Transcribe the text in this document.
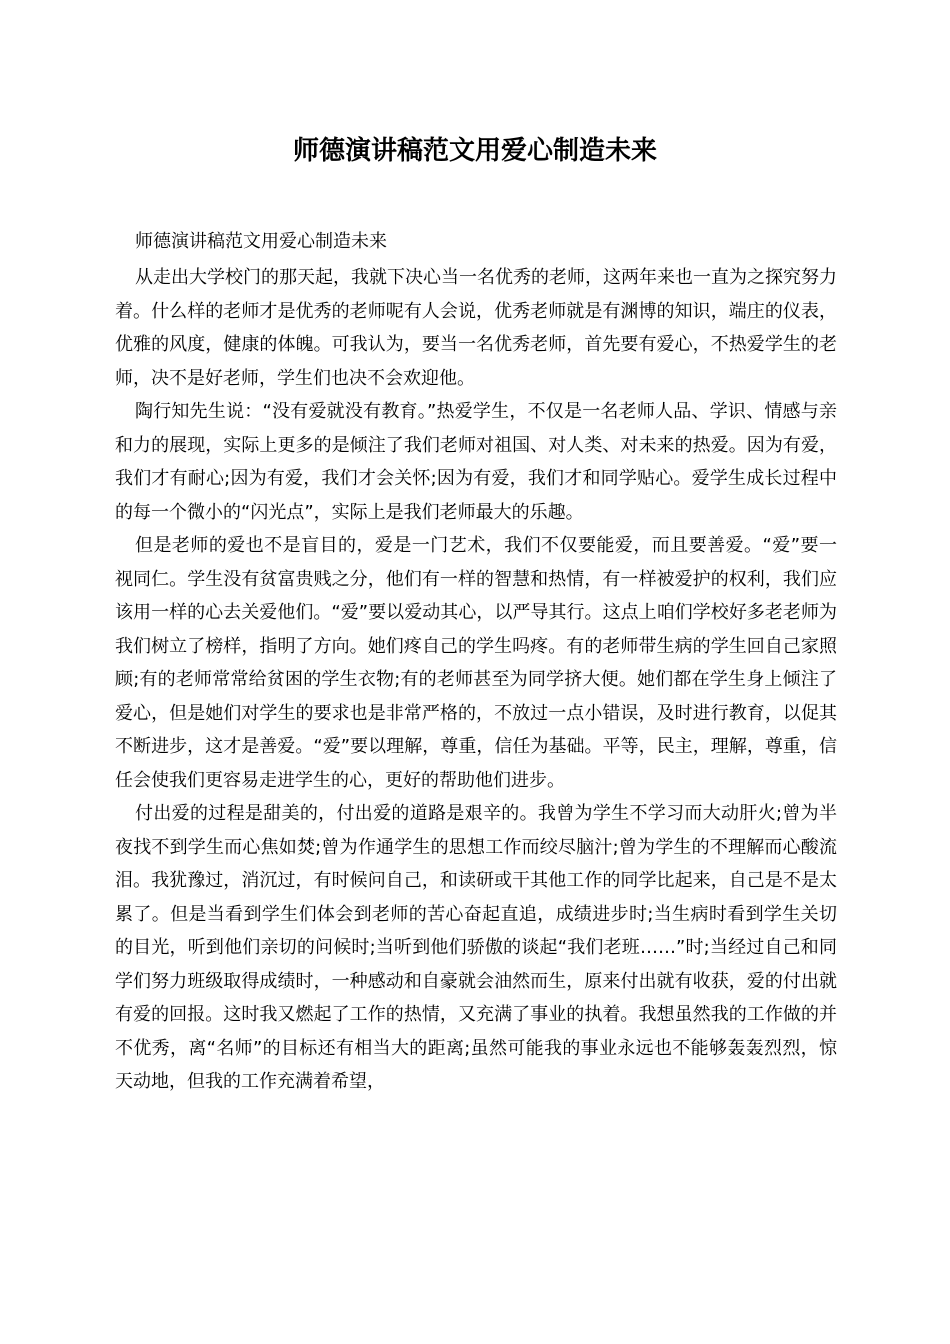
师德演讲稿范文用爱心制造未来
师德演讲稿范文用爱心制造未来

从走出大学校门的那天起，我就下决心当一名优秀的老师，这两年来也一直为之探究努力着。什么样的老师才是优秀的老师呢有人会说，优秀老师就是有渊博的知识，端庄的仪表，优雅的风度，健康的体魄。可我认为，要当一名优秀老师，首先要有爱心，不热爱学生的老师，决不是好老师，学生们也决不会欢迎他。

陶行知先生说：“没有爱就没有教育。”热爱学生，不仅是一名老师人品、学识、情感与亲和力的展现，实际上更多的是倾注了我们老师对祖国、对人类、对未来的热爱。因为有爱，我们才有耐心;因为有爱，我们才会关怀;因为有爱，我们才和同学贴心。爱学生成长过程中的每一个微小的“闪光点”，实际上是我们老师最大的乐趣。

但是老师的爱也不是盲目的，爱是一门艺术，我们不仅要能爱，而且要善爱。“爱”要一视同仁。学生没有贫富贵贱之分，他们有一样的智慧和热情，有一样被爱护的权利，我们应该用一样的心去关爱他们。“爱”要以爱动其心，以严导其行。这点上咱们学校好多老老师为我们树立了榜样，指明了方向。她们疼自己的学生吗疼。有的老师带生病的学生回自己家照顾;有的老师常常给贫困的学生衣物;有的老师甚至为同学挤大便。她们都在学生身上倾注了爱心，但是她们对学生的要求也是非常严格的，不放过一点小错误，及时进行教育，以促其不断进步，这才是善爱。“爱”要以理解，尊重，信任为基础。平等，民主，理解，尊重，信任会使我们更容易走进学生的心，更好的帮助他们进步。

付出爱的过程是甜美的，付出爱的道路是艰辛的。我曾为学生不学习而大动肝火;曾为半夜找不到学生而心焦如焚;曾为作通学生的思想工作而绞尽脑汁;曾为学生的不理解而心酸流泪。我犹豫过，消沉过，有时候问自己，和读研或干其他工作的同学比起来，自己是不是太累了。但是当看到学生们体会到老师的苦心奋起直追，成绩进步时;当生病时看到学生关切的目光，听到他们亲切的问候时;当听到他们骄傲的谈起“我们老班……”时;当经过自己和同学们努力班级取得成绩时，一种感动和自豪就会油然而生，原来付出就有收获，爱的付出就有爱的回报。这时我又燃起了工作的热情，又充满了事业的执着。我想虽然我的工作做的并不优秀，离“名师”的目标还有相当大的距离;虽然可能我的事业永远也不能够轰轰烈烈，惊天动地，但我的工作充满着希望，
